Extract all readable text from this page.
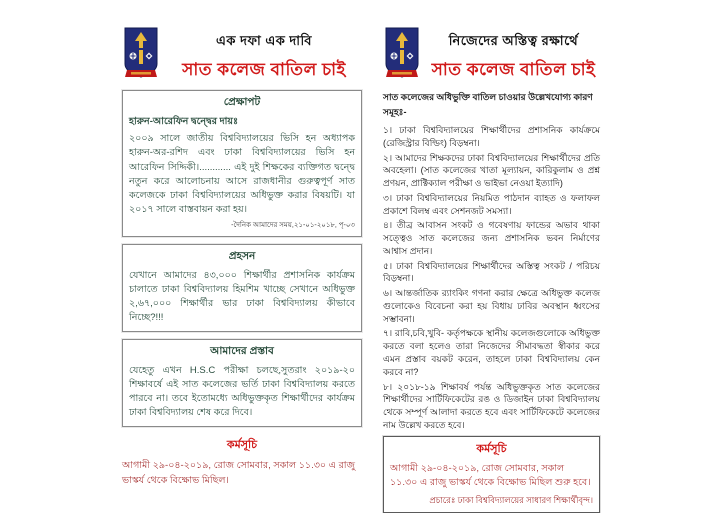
এক দফা এক দাবি
সাত কলেজ বাতিল চাই
প্রেক্ষাপট
হারুন-আরেফিন দ্বন্দ্বের দায়ঃ
২০০৯ সালে জাতীয় বিশ্ববিদ্যালয়ের ভিসি হন অধ্যাপক হারুন-অর-রশিদ এবং ঢাকা বিশ্ববিদ্যালয়ের ভিসি হন আরেফিন সিদ্দিকী।............ এই দুই শিক্ষকের ব্যক্তিগত দ্বন্দ্বে নতুন করে আলোচনায় আসে রাজধানীর গুরুত্বপূর্ণ সাত কলেজকে ঢাকা বিশ্ববিদ্যালয়ের অধিভুক্ত করার বিষয়টি। যা ২০১৭ সালে বাস্তবায়ন করা হয়।
-দৈনিক আমাদের সময়,২১-০১-২০১৮, পৃ-০৩
প্রহসন
যেখানে আমাদের ৪৩,০০০ শিক্ষার্থীর প্রশাসনিক কার্যক্রম চালাতে ঢাকা বিশ্ববিদ্যালয় হিমশিম খাচ্ছে সেখানে অধিভুক্ত ২,৬৭,০০০ শিক্ষার্থীর ভার ঢাকা বিশ্ববিদ্যালয় কীভাবে নিচ্ছে?!!!
আমাদের প্রস্তাব
যেহেতু এখন H.S.C পরীক্ষা চলছে,সুতরাং ২০১৯-২০ শিক্ষাবর্ষে এই সাত কলেজের ভর্তি ঢাকা বিশ্ববিদ্যালয় করতে পারবে না। তবে ইতোমধ্যে অধিভুক্তকৃত শিক্ষার্থীদের কার্যক্রম ঢাকা বিশ্ববিদ্যালয় শেষ করে দিবে।
কর্মসূচি
আগামী ২৯-০৪-২০১৯, রোজ সোমবার, সকাল ১১.৩০ এ রাজু ভাস্কর্য থেকে বিক্ষোভ মিছিল।
নিজেদের অস্তিত্ব রক্ষার্থে
সাত কলেজ বাতিল চাই
সাত কলেজের অধিভুক্তি বাতিল চাওয়ার উল্লেখযোগ্য কারণ সমূহঃ-
১। ঢাকা বিশ্ববিদ্যালয়ের শিক্ষার্থীদের প্রশাসনিক কার্যক্রমে (রেজিস্ট্রার বিল্ডিং) বিড়ম্বনা।
২। আমাদের শিক্ষকদের ঢাকা বিশ্ববিদ্যালয়ের শিক্ষার্থীদের প্রতি অবহেলা। (সাত কলেজের খাতা মূল্যায়ন, কারিকুলাম ও প্রশ্ন প্রণয়ন, প্রাক্টিক্যাল পরীক্ষা ও ভাইভা নেওয়া ইত্যাদি)
৩। ঢাকা বিশ্ববিদ্যালয়ের নিয়মিত পাঠদান ব্যাহত ও ফলাফল প্রকাশে বিলম্ব এবং সেশনজট সমস্যা।
৪। তীব্র আবাসন সংকট ও গবেষণায় ফান্ডের অভাব থাকা সত্ত্বেও সাত কলেজের জন্য প্রশাসনিক ভবন নির্মাণের আশ্বাস প্রদান।
৫। ঢাকা বিশ্ববিদ্যালয়ের শিক্ষার্থীদের অস্তিত্ব সংকট / পরিচয় বিড়ম্বনা।
৬। আন্তর্জাতিক র‍্যাংকিং গণনা করার ক্ষেত্রে অধিভুক্ত কলেজ গুলোকেও বিবেচনা করা হয় বিধায় ঢাবির অবস্থান ধ্বংসের সম্ভাবনা।
৭। রাবি,চবি,খুবি- কর্তৃপক্ষকে স্থানীয় কলেজগুলোকে অধিভুক্ত করতে বলা হলেও তারা নিজেদের সীমাবদ্ধতা স্বীকার করে এমন প্রস্তাব বয়কট করেন, তাহলে ঢাকা বিশ্ববিদ্যালয় কেন করবে না?
৮। ২০১৮-১৯ শিক্ষাবর্ষ পর্যন্ত অধিভুক্তকৃত সাত কলেজের শিক্ষার্থীদের সার্টিফিকেটের রঙ ও ডিজাইন ঢাকা বিশ্ববিদ্যালয় থেকে সম্পূর্ণ আলাদা করতে হবে এবং সার্টিফিকেটে কলেজের নাম উল্লেখ করতে হবে।
কর্মসূচি
আগামী ২৯-০৪-২০১৯, রোজ সোমবার, সকাল ১১.৩০ এ রাজু ভাস্কর্য থেকে বিক্ষোভ মিছিল শুরু হবে।
প্রচারেঃ ঢাকা বিশ্ববিদ্যালয়ের সাধারণ শিক্ষার্থীবৃন্দ।
